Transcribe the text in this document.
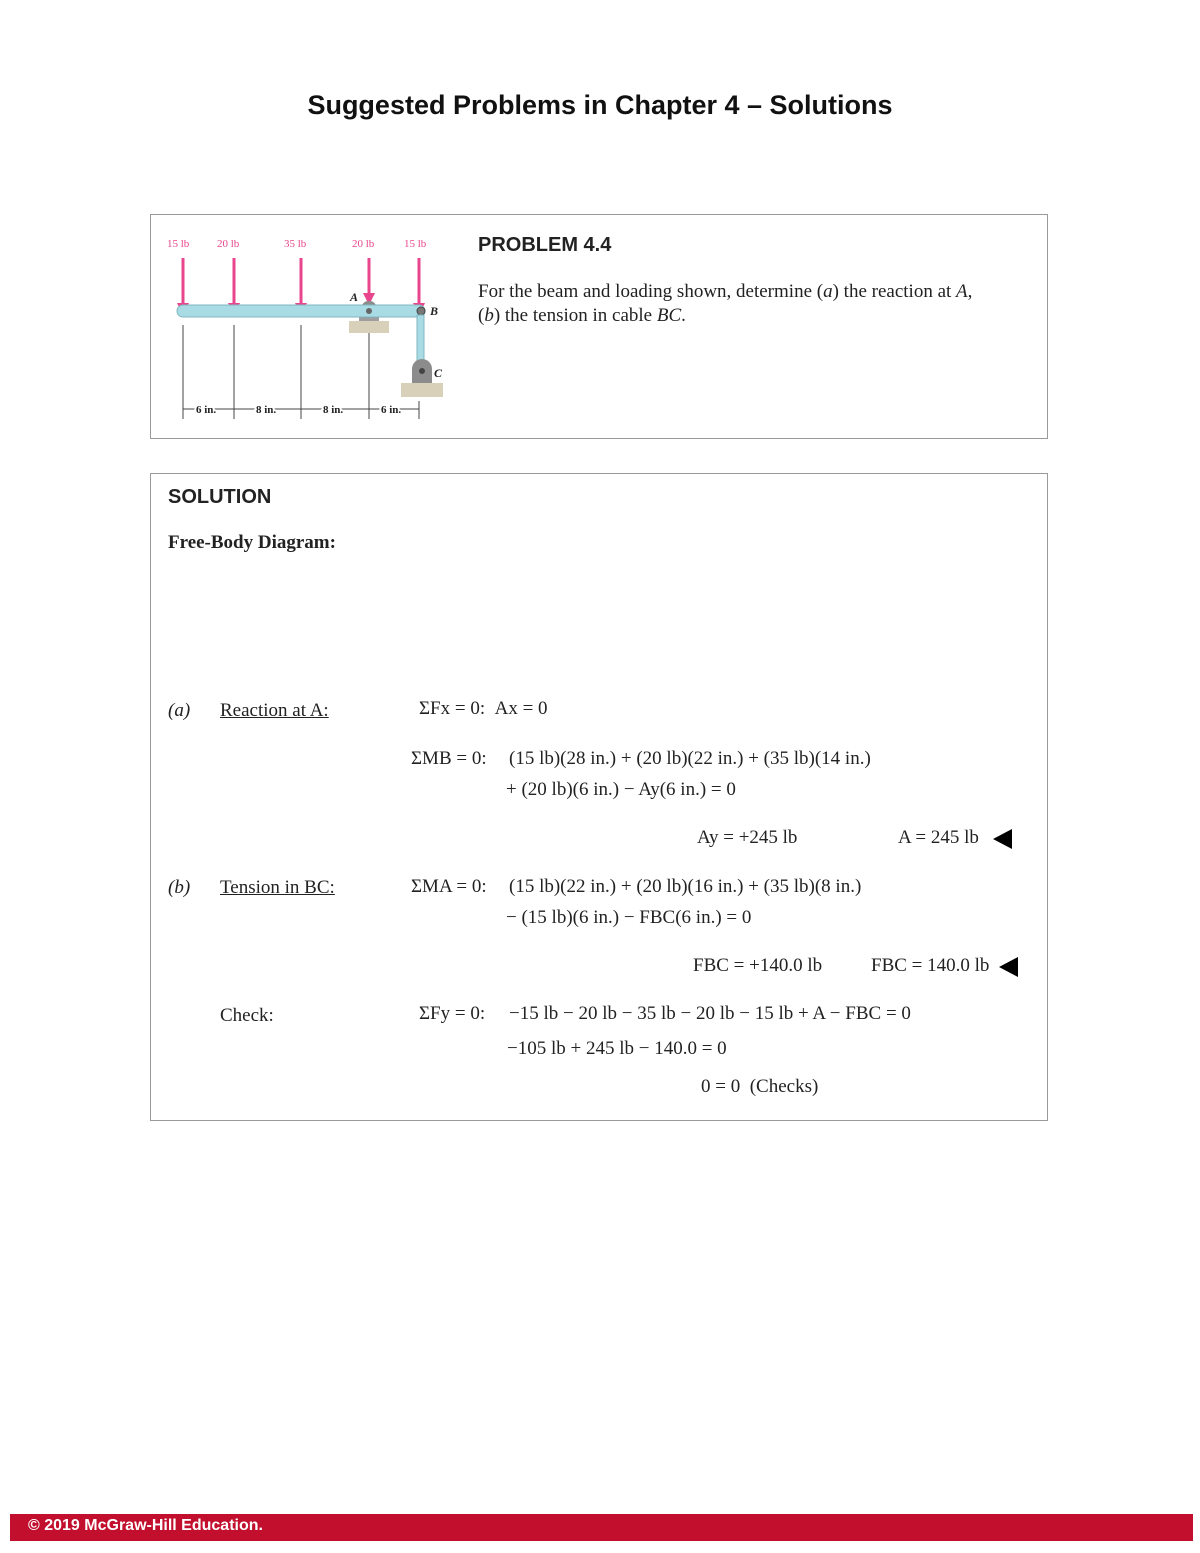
Suggested Problems in Chapter 4 – Solutions
15 lb	20 lb	35 lb	20 lb	15 lb
A
B
C
6 in.	8 in.	8 in.	6 in.
PROBLEM 4.4
For the beam and loading shown, determine (a) the reaction at A,
(b) the tension in cable BC.
SOLUTION
Free-Body Diagram:
(a) Reaction at A:	ΣFx = 0: Ax = 0
ΣMB = 0: (15 lb)(28 in.) + (20 lb)(22 in.) + (35 lb)(14 in.)
+ (20 lb)(6 in.) − Ay(6 in.) = 0
Ay = +245 lb	A = 245 lb
(b) Tension in BC:	ΣMA = 0: (15 lb)(22 in.) + (20 lb)(16 in.) + (35 lb)(8 in.)
− (15 lb)(6 in.) − FBC(6 in.) = 0
FBC = +140.0 lb	FBC = 140.0 lb
Check:	ΣFy = 0: −15 lb − 20 lb − 35 lb − 20 lb − 15 lb + A − FBC = 0
−105 lb + 245 lb − 140.0 = 0
0 = 0  (Checks)
© 2019 McGraw-Hill Education.
